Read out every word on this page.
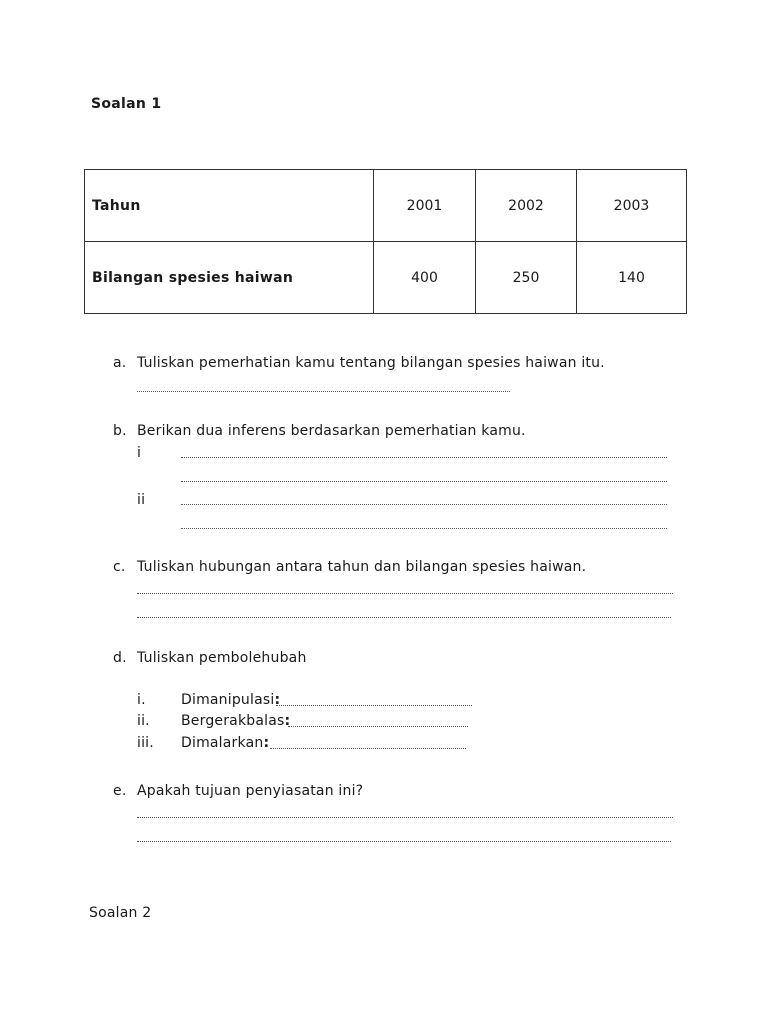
Soalan 1
Tahun	2001	2002	2003
Bilangan spesies haiwan	400	250	140
a. Tuliskan pemerhatian kamu tentang bilangan spesies haiwan itu.
b. Berikan dua inferens berdasarkan pemerhatian kamu.
i
ii
c. Tuliskan hubungan antara tahun dan bilangan spesies haiwan.
d. Tuliskan pembolehubah
i.	Dimanipulasi:
ii. Bergerakbalas:
iii. Dimalarkan:
e. Apakah tujuan penyiasatan ini?
Soalan 2
